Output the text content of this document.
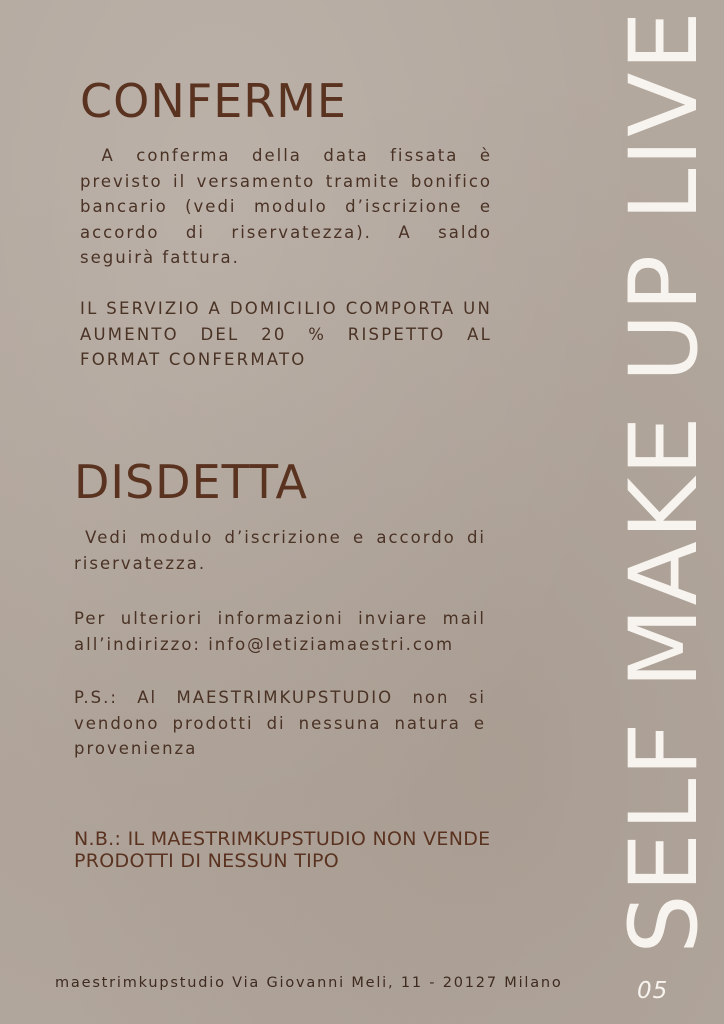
CONFERME

A conferma della data fissata è previsto il versamento tramite bonifico bancario (vedi modulo d’iscrizione e accordo di riservatezza). A saldo seguirà fattura.

IL SERVIZIO A DOMICILIO COMPORTA UN AUMENTO DEL 20 % RISPETTO AL FORMAT CONFERMATO

DISDETTA

Vedi modulo d’iscrizione e accordo di riservatezza.

Per ulteriori informazioni inviare mail all’indirizzo: info@letiziamaestri.com

P.S.: Al MAESTRIMKUPSTUDIO non si vendono prodotti di nessuna natura e provenienza

N.B.: IL MAESTRIMKUPSTUDIO NON VENDE PRODOTTI DI NESSUN TIPO	SELF MAKE UP LIVE
maestrimkupstudio Via Giovanni Meli, 11 - 20127 Milano	05
